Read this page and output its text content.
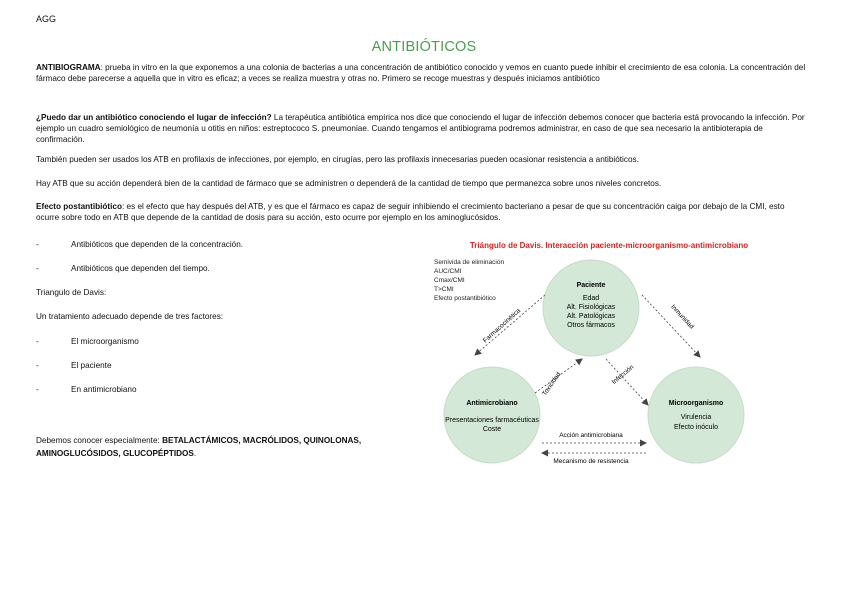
AGG
ANTIBIÓTICOS

ANTIBIOGRAMA: prueba in vitro en la que exponemos a una colonia de bacterias a una concentración de antibiótico conocido y vemos en cuanto puede inhibir el crecimiento de esa colonia. La concentración del fármaco debe parecerse a aquella que in vitro es eficaz; a veces se realiza muestra y otras no. Primero se recoge muestras y después iniciamos antibiótico

¿Puedo dar un antibiótico conociendo el lugar de infección? La terapéutica antibiótica empírica nos dice que conociendo el lugar de infección debemos conocer que bacteria está provocando la infección. Por ejemplo un cuadro semiológico de neumonía u otitis en niños: estreptococo S. pneumoniae. Cuando tengamos el antibiograma podremos administrar, en caso de que sea necesario la antibioterapia de confirmación.

También pueden ser usados los ATB en profilaxis de infecciones, por ejemplo, en cirugías, pero las profilaxis innecesarias pueden ocasionar resistencia a antibióticos.

Hay ATB que su acción dependerá bien de la cantidad de fármaco que se administren o dependerá de la cantidad de tiempo que permanezca sobre unos niveles concretos.

Efecto postantibiótico: es el efecto que hay después del ATB, y es que el fármaco es capaz de seguir inhibiendo el crecimiento bacteriano a pesar de que su concentración caiga por debajo de la CMI, esto ocurre sobre todo en ATB que depende de la cantidad de dosis para su acción, esto ocurre por ejemplo en los aminoglucósidos.

-	Antibióticos que dependen de la concentración.
-	Antibióticos que dependen del tiempo.
Triangulo de Davis:
Un tratamiento adecuado depende de tres factores:
-	El microorganismo
-	El paciente
-	En antimicrobiano
Debemos conocer especialmente: BETALACTÁMICOS, MACRÓLIDOS, QUINOLONAS, AMINOGLUCÓSIDOS, GLUCOPÉPTIDOS.
Triángulo de Davis. Interacción paciente-microorganismo-antimicrobiano
Semivida de eliminación
AUC/CMI
Cmax/CMI
T>CMI
Efecto postantibiótico
Paciente
Edad
Alt. Fisiológicas
Alt. Patológicas
Otros fármacos
Antimicrobiano
Presentaciones farmacéuticas
Coste
Microorganismo
Virulencia
Efecto inóculo
Farmacocinética	Inmunidad
Toxicidad	Infección
Acción antimicrobiana
Mecanismo de resistencia
